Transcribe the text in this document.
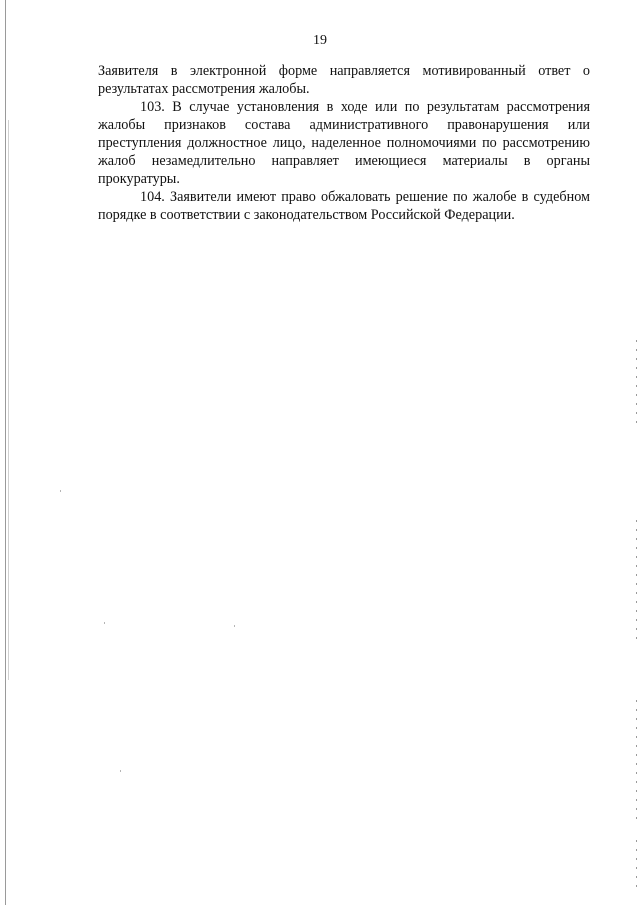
19

Заявителя в электронной форме направляется мотивированный ответ о результатах рассмотрения жалобы.

103. В случае установления в ходе или по результатам рассмотрения жалобы признаков состава административного правонарушения или преступления должностное лицо, наделенное полномочиями по рассмотрению жалоб незамедлительно направляет имеющиеся материалы в органы прокуратуры.

104. Заявители имеют право обжаловать решение по жалобе в судебном порядке в соответствии с законодательством Российской Федерации.
